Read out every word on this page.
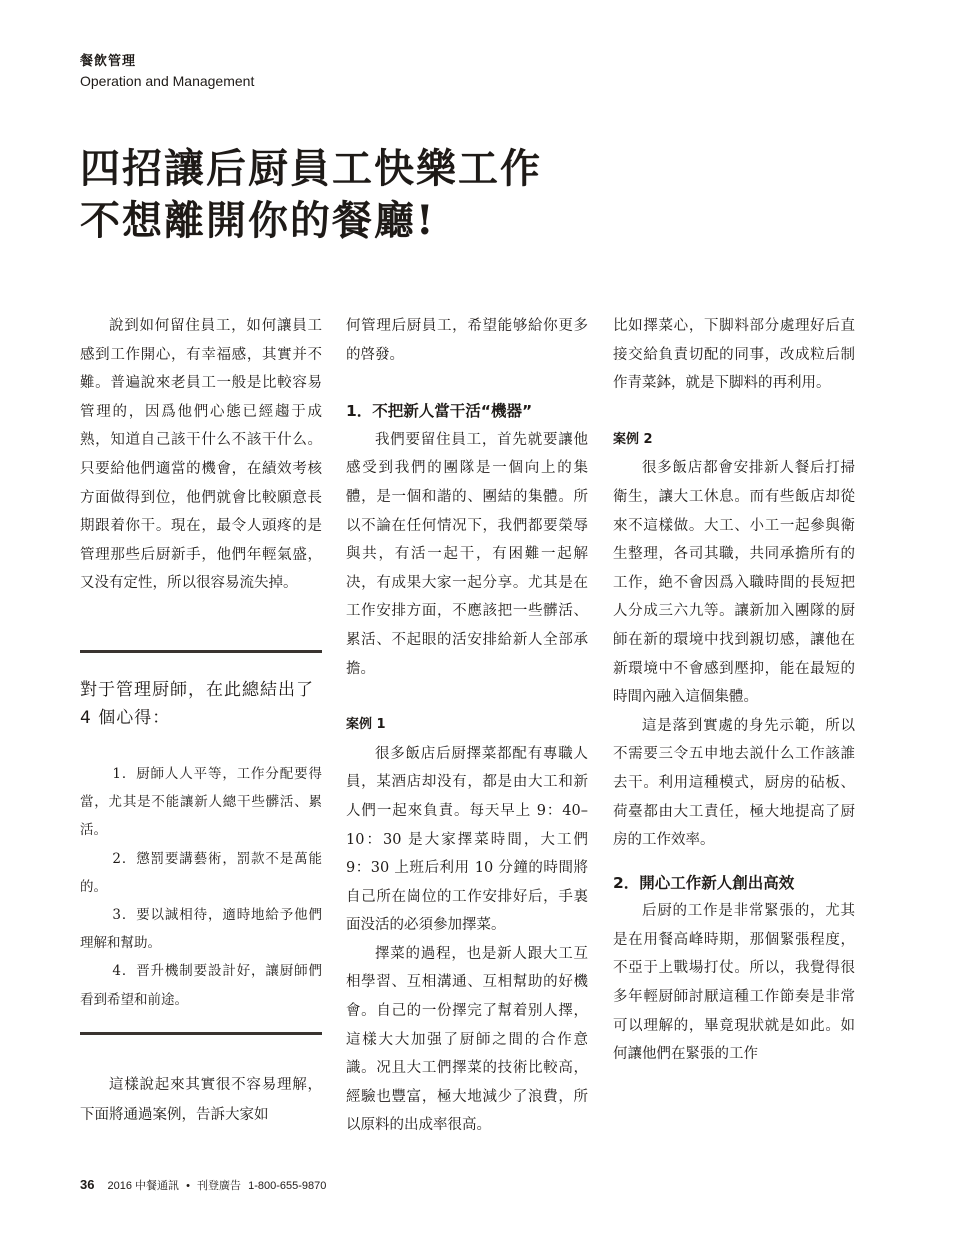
餐飲管理
Operation and Management
四招讓后厨員工快樂工作
不想離開你的餐廳!

說到如何留住員工，如何讓員工感到工作開心，有幸福感，其實并不難。普遍說來老員工一般是比較容易管理的，因爲他們心態已經趨于成熟，知道自己該干什么不該干什么。只要給他們適當的機會，在績效考核方面做得到位，他們就會比較願意長期跟着你干。現在，最令人頭疼的是管理那些后厨新手，他們年輕氣盛，又没有定性，所以很容易流失掉。

對于管理厨師，在此總結出了 4 個心得：

1．厨師人人平等，工作分配要得當，尤其是不能讓新人總干些髒活、累活。

2．懲罰要講藝術，罰款不是萬能的。

3．要以誠相待，適時地給予他們理解和幫助。

4．晋升機制要設計好，讓厨師們看到希望和前途。

這樣說起來其實很不容易理解，下面將通過案例，告訴大家如

何管理后厨員工，希望能够給你更多的啓發。

1．不把新人當干活“機器”

我們要留住員工，首先就要讓他感受到我們的團隊是一個向上的集體，是一個和諧的、團結的集體。所以不論在任何情况下，我們都要榮辱與共，有活一起干，有困難一起解决，有成果大家一起分享。尤其是在工作安排方面，不應該把一些髒活、累活、不起眼的活安排給新人全部承擔。

案例 1

很多飯店后厨擇菜都配有專職人員，某酒店却没有，都是由大工和新人們一起來負責。每天早上 9：40–10：30 是大家擇菜時間，大工們 9：30 上班后利用 10 分鐘的時間將自己所在崗位的工作安排好后，手裏面没活的必須參加擇菜。

擇菜的過程，也是新人跟大工互相學習、互相溝通、互相幫助的好機會。自己的一份擇完了幫着别人擇，這樣大大加强了厨師之間的合作意識。况且大工們擇菜的技術比較高，經驗也豐富，極大地減少了浪費，所以原料的出成率很高。

比如擇菜心，下脚料部分處理好后直接交給負責切配的同事，改成粒后制作青菜鉢，就是下脚料的再利用。

案例 2

很多飯店都會安排新人餐后打掃衛生，讓大工休息。而有些飯店却從來不這樣做。大工、小工一起參與衛生整理，各司其職，共同承擔所有的工作，絶不會因爲入職時間的長短把人分成三六九等。讓新加入團隊的厨師在新的環境中找到親切感，讓他在新環境中不會感到壓抑，能在最短的時間內融入這個集體。

這是落到實處的身先示範，所以不需要三令五申地去説什么工作該誰去干。利用這種模式，厨房的砧板、荷臺都由大工責任，極大地提高了厨房的工作效率。

2．開心工作新人創出高效

后厨的工作是非常緊張的，尤其是在用餐高峰時期，那個緊張程度，不亞于上戰場打仗。所以，我覺得很多年輕厨師討厭這種工作節奏是非常可以理解的，畢竟現狀就是如此。如何讓他們在緊張的工作

36 2016 中餐通訊 • 刊登廣告 1-800-655-9870
